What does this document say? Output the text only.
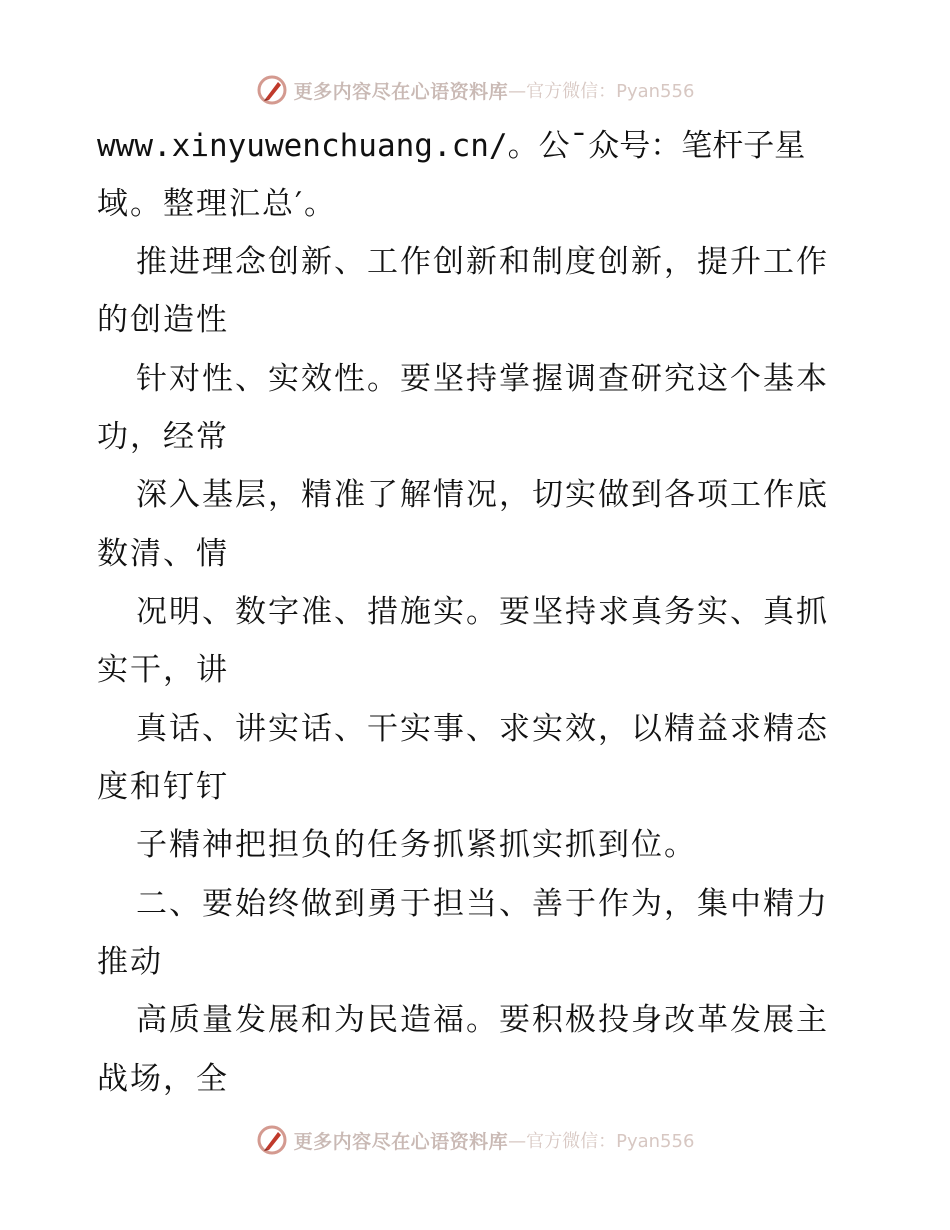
更多内容尽在心语资料库 —官方微信：Pyan556
www.xinyuwenchuang.cn/。公¯众号：笔杆子星
域。整理汇总′。
推进理念创新、工作创新和制度创新，提升工作
的创造性
针对性、实效性。要坚持掌握调查研究这个基本
功，经常
深入基层，精准了解情况，切实做到各项工作底
数清、情
况明、数字准、措施实。要坚持求真务实、真抓
实干，讲
真话、讲实话、干实事、求实效，以精益求精态
度和钉钉
子精神把担负的任务抓紧抓实抓到位。
二、要始终做到勇于担当、善于作为，集中精力
推动
高质量发展和为民造福。要积极投身改革发展主
战场，全
更多内容尽在心语资料库 —官方微信：Pyan556
